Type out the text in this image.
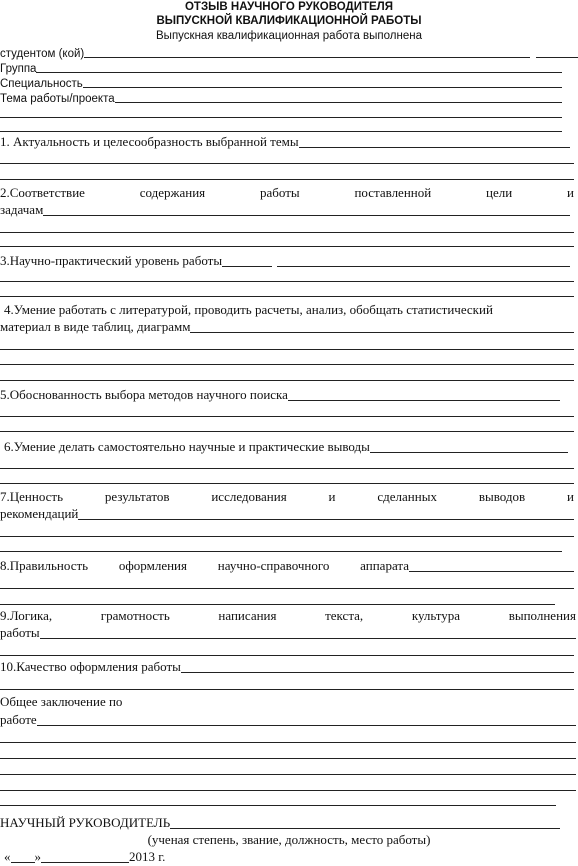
ОТЗЫВ НАУЧНОГО РУКОВОДИТЕЛЯ
ВЫПУСКНОЙ КВАЛИФИКАЦИОННОЙ РАБОТЫ
Выпускная квалификационная работа выполнена
студентом (кой)
Группа
Специальность
Тема работы/проекта
1. Актуальность и целесообразность выбранной темы
2.Соответствие	содержания	работы	поставленной	цели	и
задачам
3.Научно-практический уровень работы
4.Умение работать с литературой, проводить расчеты, анализ, обобщать статистический
материал в виде таблиц, диаграмм
5.Обоснованность выбора методов научного поиска
6.Умение делать самостоятельно научные и практические выводы
7.Ценность	результатов	исследования	и	сделанных	выводов	и
рекомендаций
8.Правильность оформления научно-справочного аппарата
9.Логика,	грамотность	написания	текста,	культура	выполнения
работы
10.Качество оформления работы
Общее заключение по
работе
НАУЧНЫЙ РУКОВОДИТЕЛЬ
(ученая степень, звание, должность, место работы)
« »	2013 г.
